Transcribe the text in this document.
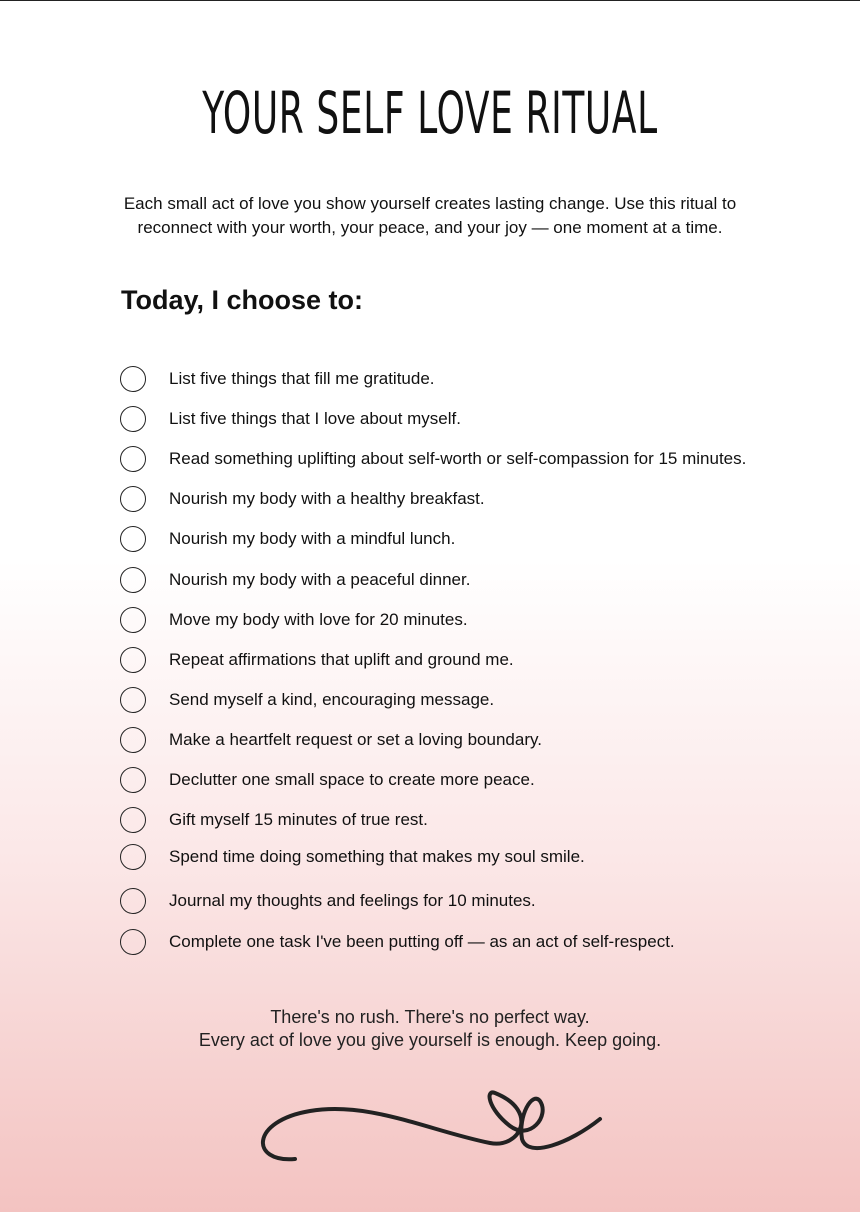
YOUR SELF LOVE RITUAL
Each small act of love you show yourself creates lasting change. Use this ritual to
reconnect with your worth, your peace, and your joy — one moment at a time.
Today, I choose to:
List five things that fill me gratitude.
List five things that I love about myself.
Read something uplifting about self-worth or self-compassion for 15 minutes.
Nourish my body with a healthy breakfast.
Nourish my body with a mindful lunch.
Nourish my body with a peaceful dinner.
Move my body with love for 20 minutes.
Repeat affirmations that uplift and ground me.
Send myself a kind, encouraging message.
Make a heartfelt request or set a loving boundary.
Declutter one small space to create more peace.
Gift myself 15 minutes of true rest.
Spend time doing something that makes my soul smile.
Journal my thoughts and feelings for 10 minutes.
Complete one task I've been putting off — as an act of self-respect.
There's no rush. There's no perfect way.
Every act of love you give yourself is enough. Keep going.
